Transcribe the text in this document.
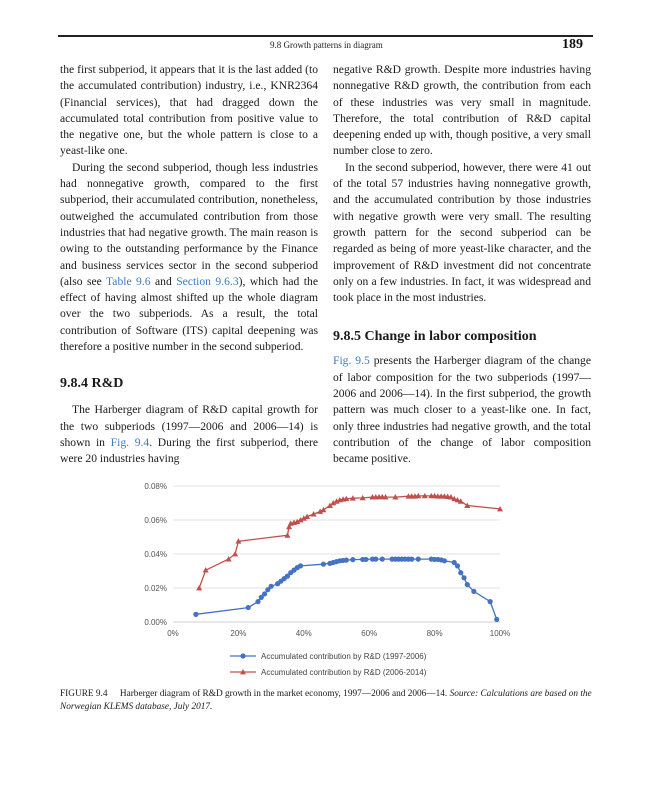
9.8 Growth patterns in diagram	189

the first subperiod, it appears that it is the last added (to the accumulated contribution) industry, i.e., KNR2364 (Financial services), that had dragged down the accumulated total contribution from positive value to the negative one, but the whole pattern is close to a yeast-like one.

During the second subperiod, though less industries had nonnegative growth, compared to the first subperiod, their accumulated contribution, nonetheless, outweighed the accumulated contribution from those industries that had negative growth. The main reason is owing to the outstanding performance by the Finance and business services sector in the second subperiod (also see Table 9.6 and Section 9.6.3), which had the effect of having almost shifted up the whole diagram over the two subperiods. As a result, the total contribution of Software (ITS) capital deepening was therefore a positive number in the second subperiod.

9.8.4 R&D

The Harberger diagram of R&D capital growth for the two subperiods (1997—2006 and 2006—14) is shown in Fig. 9.4. During the first subperiod, there were 20 industries having

negative R&D growth. Despite more industries having nonnegative R&D growth, the contribution from each of these industries was very small in magnitude. Therefore, the total contribution of R&D capital deepening ended up with, though positive, a very small number close to zero.

In the second subperiod, however, there were 41 out of the total 57 industries having nonnegative growth, and the accumulated contribution by those industries with negative growth were very small. The resulting growth pattern for the second subperiod can be regarded as being of more yeast-like character, and the improvement of R&D investment did not concentrate only on a few industries. In fact, it was widespread and took place in the most industries.

9.8.5 Change in labor composition

Fig. 9.5 presents the Harberger diagram of the change of labor composition for the two subperiods (1997—2006 and 2006—14). In the first subperiod, the growth pattern was much closer to a yeast-like one. In fact, only three industries had negative growth, and the total contribution of the change of labor composition became positive.

0.00%
0.02%
0.04%
0.06%
0.08%
0%	20%	40%	60%	80%	100%
Accumulated contribution by R&D (1997-2006)
Accumulated contribution by R&D (2006-2014)
FIGURE 9.4 Harberger diagram of R&D growth in the market economy, 1997—2006 and 2006—14. Source: Calculations are based on the Norwegian KLEMS database, July 2017.
